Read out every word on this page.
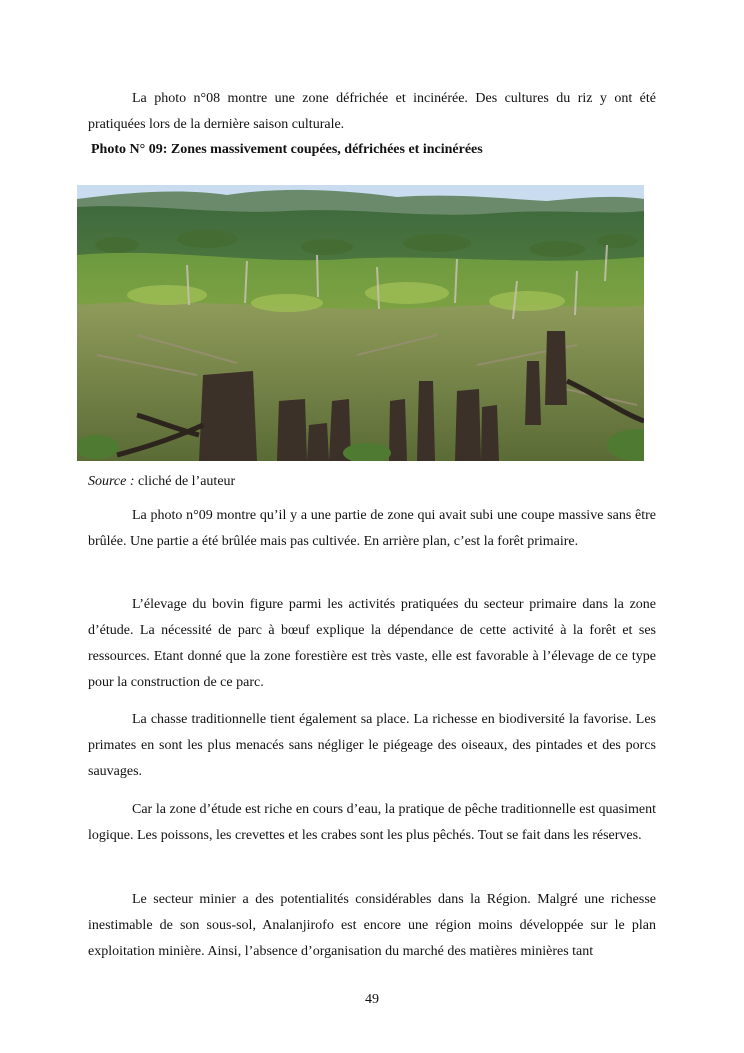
La photo n°08 montre une zone défrichée et incinérée. Des cultures du riz y ont été pratiquées lors de la dernière saison culturale.

Photo N° 09: Zones massivement coupées, défrichées et incinérées

Source : cliché de l’auteur

La photo n°09 montre qu’il y a une partie de zone qui avait subi une coupe massive sans être brûlée. Une partie a été brûlée mais pas cultivée. En arrière plan, c’est la forêt primaire.

L’élevage du bovin figure parmi les activités pratiquées du secteur primaire dans la zone d’étude. La nécessité de parc à bœuf explique la dépendance de cette activité à la forêt et ses ressources. Etant donné que la zone forestière est très vaste, elle est favorable à l’élevage de ce type pour la construction de ce parc.

La chasse traditionnelle tient également sa place. La richesse en biodiversité la favorise. Les primates en sont les plus menacés sans négliger le piégeage des oiseaux, des pintades et des porcs sauvages.

Car la zone d’étude est riche en cours d’eau, la pratique de pêche traditionnelle est quasiment logique. Les poissons, les crevettes et les crabes sont les plus pêchés. Tout se fait dans les réserves.

Le secteur minier a des potentialités considérables dans la Région. Malgré une richesse inestimable de son sous-sol, Analanjirofo est encore une région moins développée sur le plan exploitation minière. Ainsi, l’absence d’organisation du marché des matières minières tant

49
